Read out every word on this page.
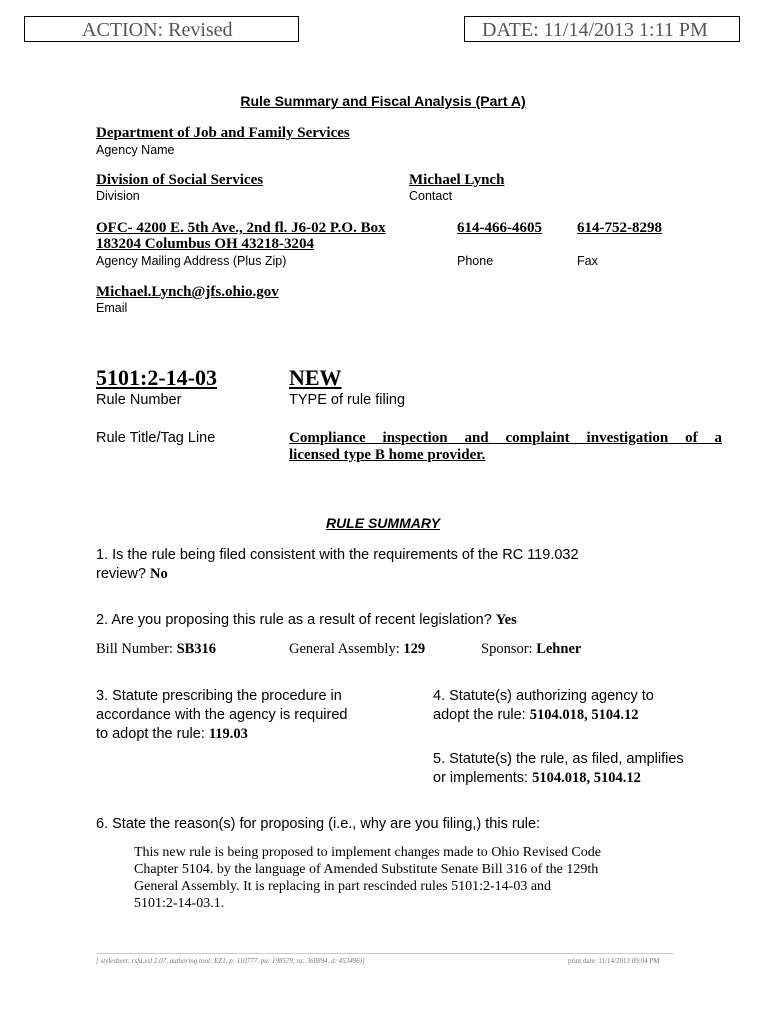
ACTION: Revised	DATE: 11/14/2013 1:11 PM
Rule Summary and Fiscal Analysis (Part A)
Department of Job and Family Services
Agency Name
Division of Social Services
Division
Michael Lynch
Contact
OFC- 4200 E. 5th Ave., 2nd fl. J6-02 P.O. Box
183204 Columbus OH 43218-3204
Agency Mailing Address (Plus Zip)
614-466-4605
Phone
614-752-8298
Fax
Michael.Lynch@jfs.ohio.gov
Email
5101:2-14-03
Rule Number
NEW
TYPE of rule filing
Rule Title/Tag Line	Compliance inspection and complaint investigation of a
licensed type B home provider.
RULE SUMMARY
1. Is the rule being filed consistent with the requirements of the RC 119.032
review? No
2. Are you proposing this rule as a result of recent legislation? Yes
Bill Number: SB316	General Assembly: 129	Sponsor: Lehner
3. Statute prescribing the procedure in
accordance with the agency is required
to adopt the rule: 119.03
4. Statute(s) authorizing agency to
adopt the rule: 5104.018, 5104.12
5. Statute(s) the rule, as filed, amplifies
or implements: 5104.018, 5104.12
6. State the reason(s) for proposing (i.e., why are you filing,) this rule:
This new rule is being proposed to implement changes made to Ohio Revised Code
Chapter 5104. by the language of Amended Substitute Senate Bill 316 of the 129th
General Assembly. It is replacing in part rescinded rules 5101:2-14-03 and
5101:2-14-03.1.
[ stylesheet: rsfa.xsl 2.07, authoring tool: EZ1, p: 110777, pa: 198579, ra: 360894, d: 453496)]	print date: 11/14/2013 09:04 PM
